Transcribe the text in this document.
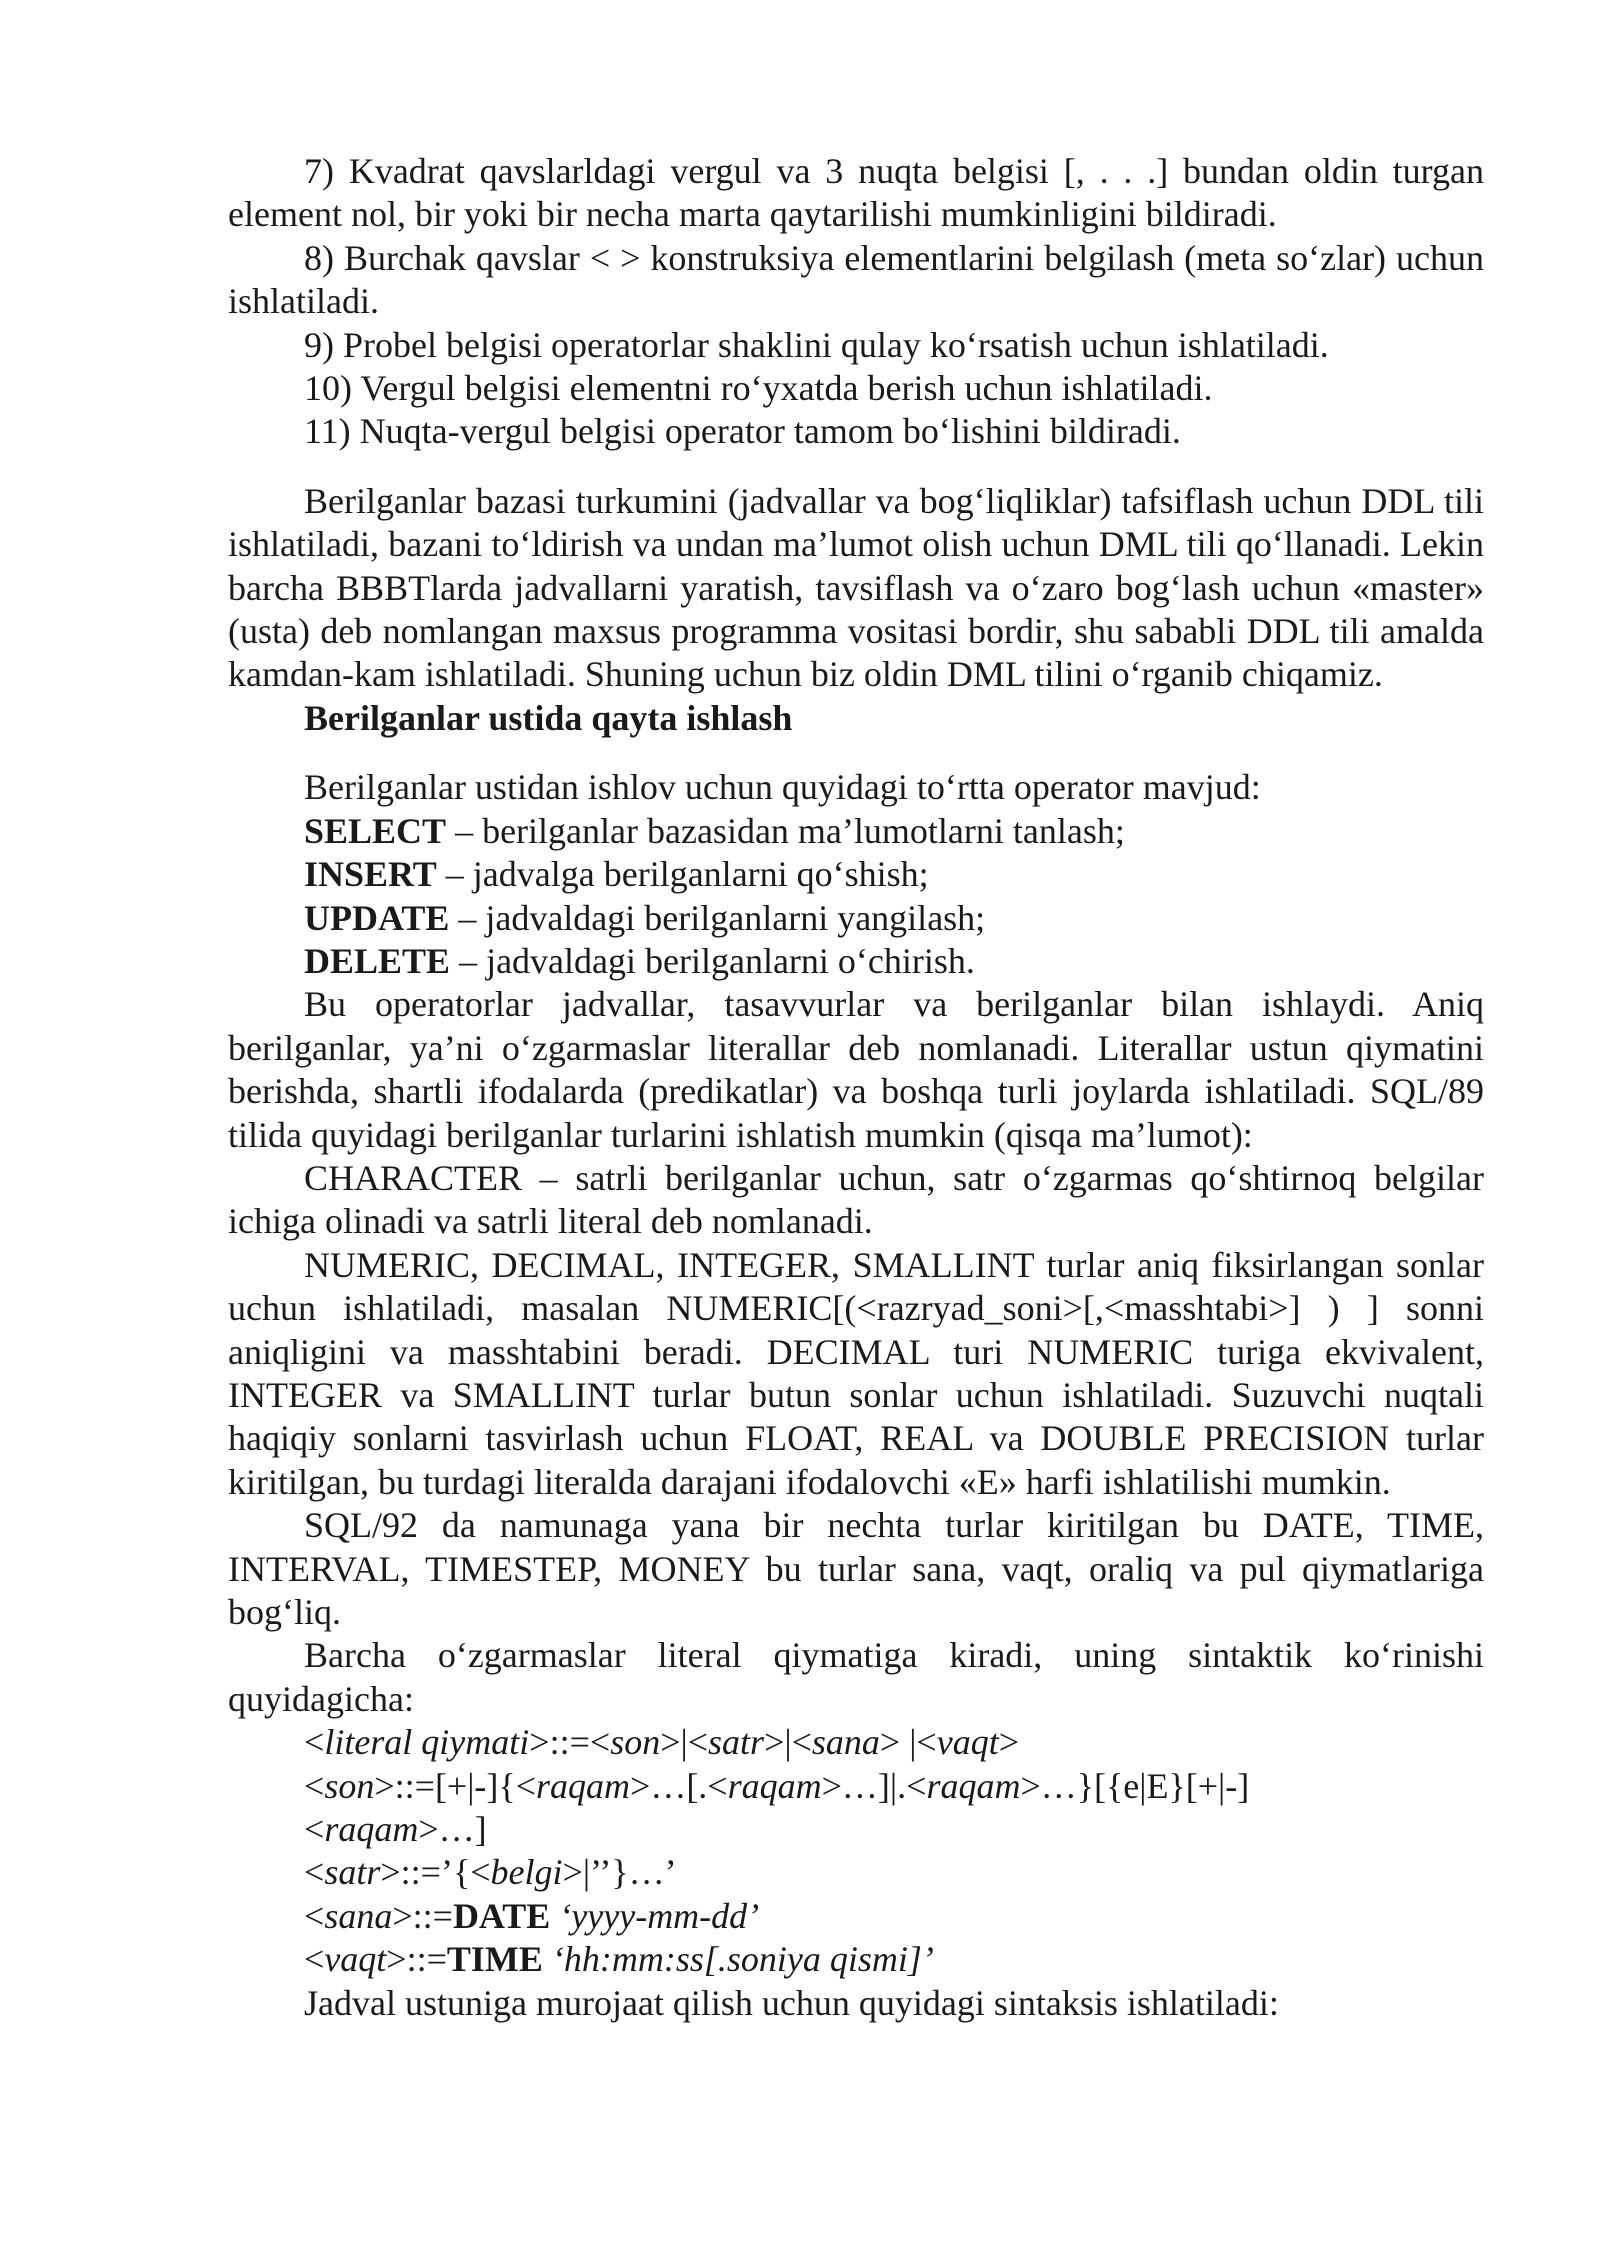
7) Kvadrat qavslarldagi vergul va 3 nuqta belgisi [, . . .] bundan oldin turgan element nol, bir yoki bir necha marta qaytarilishi mumkinligini bildiradi.

8) Burchak qavslar < > konstruksiya elementlarini belgilash (meta so‘zlar) uchun ishlatiladi.

9) Probel belgisi operatorlar shaklini qulay ko‘rsatish uchun ishlatiladi.

10) Vergul belgisi elementni ro‘yxatda berish uchun ishlatiladi.

11) Nuqta-vergul belgisi operator tamom bo‘lishini bildiradi.

Berilganlar bazasi turkumini (jadvallar va bog‘liqliklar) tafsiflash uchun DDL tili ishlatiladi, bazani to‘ldirish va undan ma’lumot olish uchun DML tili qo‘llanadi. Lekin barcha BBBTlarda jadvallarni yaratish, tavsiflash va o‘zaro bog‘lash uchun «master» (usta) deb nomlangan maxsus programma vositasi bordir, shu sababli DDL tili amalda kamdan-kam ishlatiladi. Shuning uchun biz oldin DML tilini o‘rganib chiqamiz.

Berilganlar ustida qayta ishlash

Berilganlar ustidan ishlov uchun quyidagi to‘rtta operator mavjud:

SELECT – berilganlar bazasidan ma’lumotlarni tanlash;

INSERT – jadvalga berilganlarni qo‘shish;

UPDATE – jadvaldagi berilganlarni yangilash;

DELETE – jadvaldagi berilganlarni o‘chirish.

Bu operatorlar jadvallar, tasavvurlar va berilganlar bilan ishlaydi. Aniq berilganlar, ya’ni o‘zgarmaslar literallar deb nomlanadi. Literallar ustun qiymatini berishda, shartli ifodalarda (predikatlar) va boshqa turli joylarda ishlatiladi. SQL/89 tilida quyidagi berilganlar turlarini ishlatish mumkin (qisqa ma’lumot):

CHARACTER – satrli berilganlar uchun, satr o‘zgarmas qo‘shtirnoq belgilar ichiga olinadi va satrli literal deb nomlanadi.

NUMERIC, DECIMAL, INTEGER, SMALLINT turlar aniq fiksirlangan sonlar uchun ishlatiladi, masalan NUMERIC[(<razryad_soni>[,<masshtabi>] ) ] sonni aniqligini va masshtabini beradi. DECIMAL turi NUMERIC turiga ekvivalent, INTEGER va SMALLINT turlar butun sonlar uchun ishlatiladi. Suzuvchi nuqtali haqiqiy sonlarni tasvirlash uchun FLOAT, REAL va DOUBLE PRECISION turlar kiritilgan, bu turdagi literalda darajani ifodalovchi «E» harfi ishlatilishi mumkin.

SQL/92 da namunaga yana bir nechta turlar kiritilgan bu DATE, TIME, INTERVAL, TIMESTEP, MONEY bu turlar sana, vaqt, oraliq va pul qiymatlariga bog‘liq.

Barcha o‘zgarmaslar literal qiymatiga kiradi, uning sintaktik ko‘rinishi quyidagicha:

<literal qiymati>::=<son>|<satr>|<sana> |<vaqt>

<son>::=[+|-]{<raqam>…[.<raqam>…]|.<raqam>…}[{e|E}[+|-]

<raqam>…]

<satr>::=’{<belgi>|’’}…’

<sana>::=DATE ‘yyyy-mm-dd’

<vaqt>::=TIME ‘hh:mm:ss[.soniya qismi]’

Jadval ustuniga murojaat qilish uchun quyidagi sintaksis ishlatiladi:
